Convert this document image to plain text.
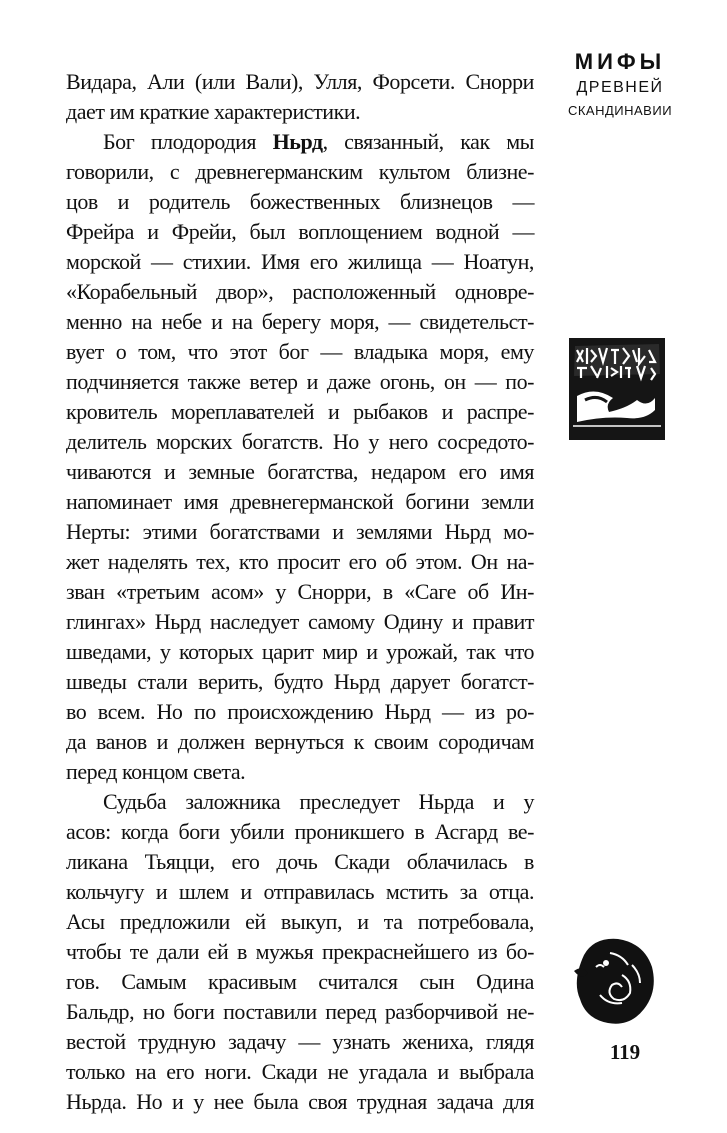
МИФЫ
ДРЕВНЕЙ
СКАНДИНАВИИ
Видара, Али (или Вали), Улля, Форсети. Снорри
дает им краткие характеристики.
Бог плодородия Ньрд, связанный, как мы
говорили, с древнегерманским культом близне-
цов и родитель божественных близнецов —
Фрейра и Фрейи, был воплощением водной —
морской — стихии. Имя его жилища — Ноатун,
«Корабельный двор», расположенный одновре-
менно на небе и на берегу моря, — свидетельст-
вует о том, что этот бог — владыка моря, ему
подчиняется также ветер и даже огонь, он — по-
кровитель мореплавателей и рыбаков и распре-
делитель морских богатств. Но у него сосредото-
чиваются и земные богатства, недаром его имя
напоминает имя древнегерманской богини земли
Нерты: этими богатствами и землями Ньрд мо-
жет наделять тех, кто просит его об этом. Он на-
зван «третьим асом» у Снорри, в «Саге об Ин-
глингах» Ньрд наследует самому Одину и правит
шведами, у которых царит мир и урожай, так что
шведы стали верить, будто Ньрд дарует богатст-
во всем. Но по происхождению Ньрд — из ро-
да ванов и должен вернуться к своим сородичам
перед концом света.
Судьба заложника преследует Ньрда и у
асов: когда боги убили проникшего в Асгард ве-
ликана Тьяцци, его дочь Скади облачилась в
кольчугу и шлем и отправилась мстить за отца.
Асы предложили ей выкуп, и та потребовала,
чтобы те дали ей в мужья прекраснейшего из бо-
гов. Самым красивым считался сын Одина
Бальдр, но боги поставили перед разборчивой не-
вестой трудную задачу — узнать жениха, глядя
только на его ноги. Скади не угадала и выбрала
Ньрда. Но и у нее была своя трудная задача для
119
